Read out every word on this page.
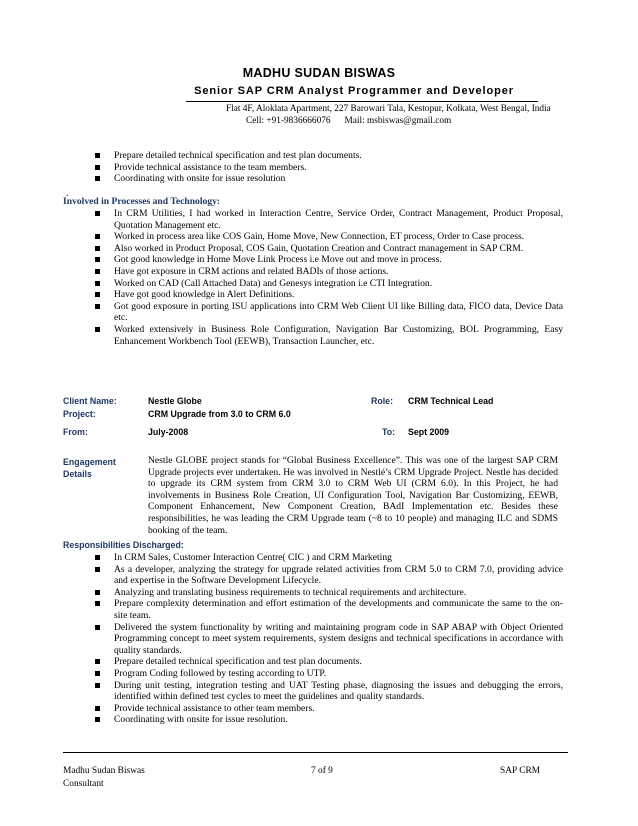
MADHU SUDAN BISWAS
Senior SAP CRM Analyst Programmer and Developer
Flat 4F, Aloklata Apartment, 227 Barowari Tala, Kestopur, Kolkata, West Bengal, India
Cell: +91-9836666076 Mail: msbiswas@gmail.com
Prepare detailed technical specification and test plan documents.
Provide technical assistance to the team members.
Coordinating with onsite for issue resolution
.
Involved in Processes and Technology:
In CRM Utilities, I had worked in Interaction Centre, Service Order, Contract Management, Product Proposal, Quotation Management etc.
Worked in process area like COS Gain, Home Move, New Connection, ET process, Order to Case process.
Also worked in Product Proposal, COS Gain, Quotation Creation and Contract management in SAP CRM.
Got good knowledge in Home Move Link Process i.e Move out and move in process.
Have got exposure in CRM actions and related BADIs of those actions.
Worked on CAD (Call Attached Data) and Genesys integration i.e CTI Integration.
Have got good knowledge in Alert Definitions.
Got good exposure in porting ISU applications into CRM Web Client UI like Billing data, FICO data, Device Data etc.
Worked extensively in Business Role Configuration, Navigation Bar Customizing, BOL Programming, Easy Enhancement Workbench Tool (EEWB), Transaction Launcher, etc.
Client Name:	Nestle Globe	Role: CRM Technical Lead
Project:	CRM Upgrade from 3.0 to CRM 6.0
From:	July-2008	To: Sept 2009
Engagement
Details
Nestle GLOBE project stands for “Global Business Excellence”. This was one of the largest SAP CRM Upgrade projects ever undertaken. He was involved in Nestlé’s CRM Upgrade Project. Nestle has decided to upgrade its CRM system from CRM 3.0 to CRM Web UI (CRM 6.0). In this Project, he had involvements in Business Role Creation, UI Configuration Tool, Navigation Bar Customizing, EEWB, Component Enhancement, New Component Creation, BAdI Implementation etc. Besides these responsibilities, he was leading the CRM Upgrade team (~8 to 10 people) and managing ILC and SDMS booking of the team.
Responsibilities Discharged:
In CRM Sales, Customer Interaction Centre( CIC ) and CRM Marketing
As a developer, analyzing the strategy for upgrade related activities from CRM 5.0 to CRM 7.0, providing advice and expertise in the Software Development Lifecycle.
Analyzing and translating business requirements to technical requirements and architecture.
Prepare complexity determination and effort estimation of the developments and communicate the same to the on-site team.
Delivered the system functionality by writing and maintaining program code in SAP ABAP with Object Oriented Programming concept to meet system requirements, system designs and technical specifications in accordance with quality standards.
Prepare detailed technical specification and test plan documents.
Program Coding followed by testing according to UTP.
During unit testing, integration testing and UAT Testing phase, diagnosing the issues and debugging the errors, identified within defined test cycles to meet the guidelines and quality standards.
Provide technical assistance to other team members.
Coordinating with onsite for issue resolution.
Madhu Sudan Biswas
Consultant
7 of 9	SAP CRM
